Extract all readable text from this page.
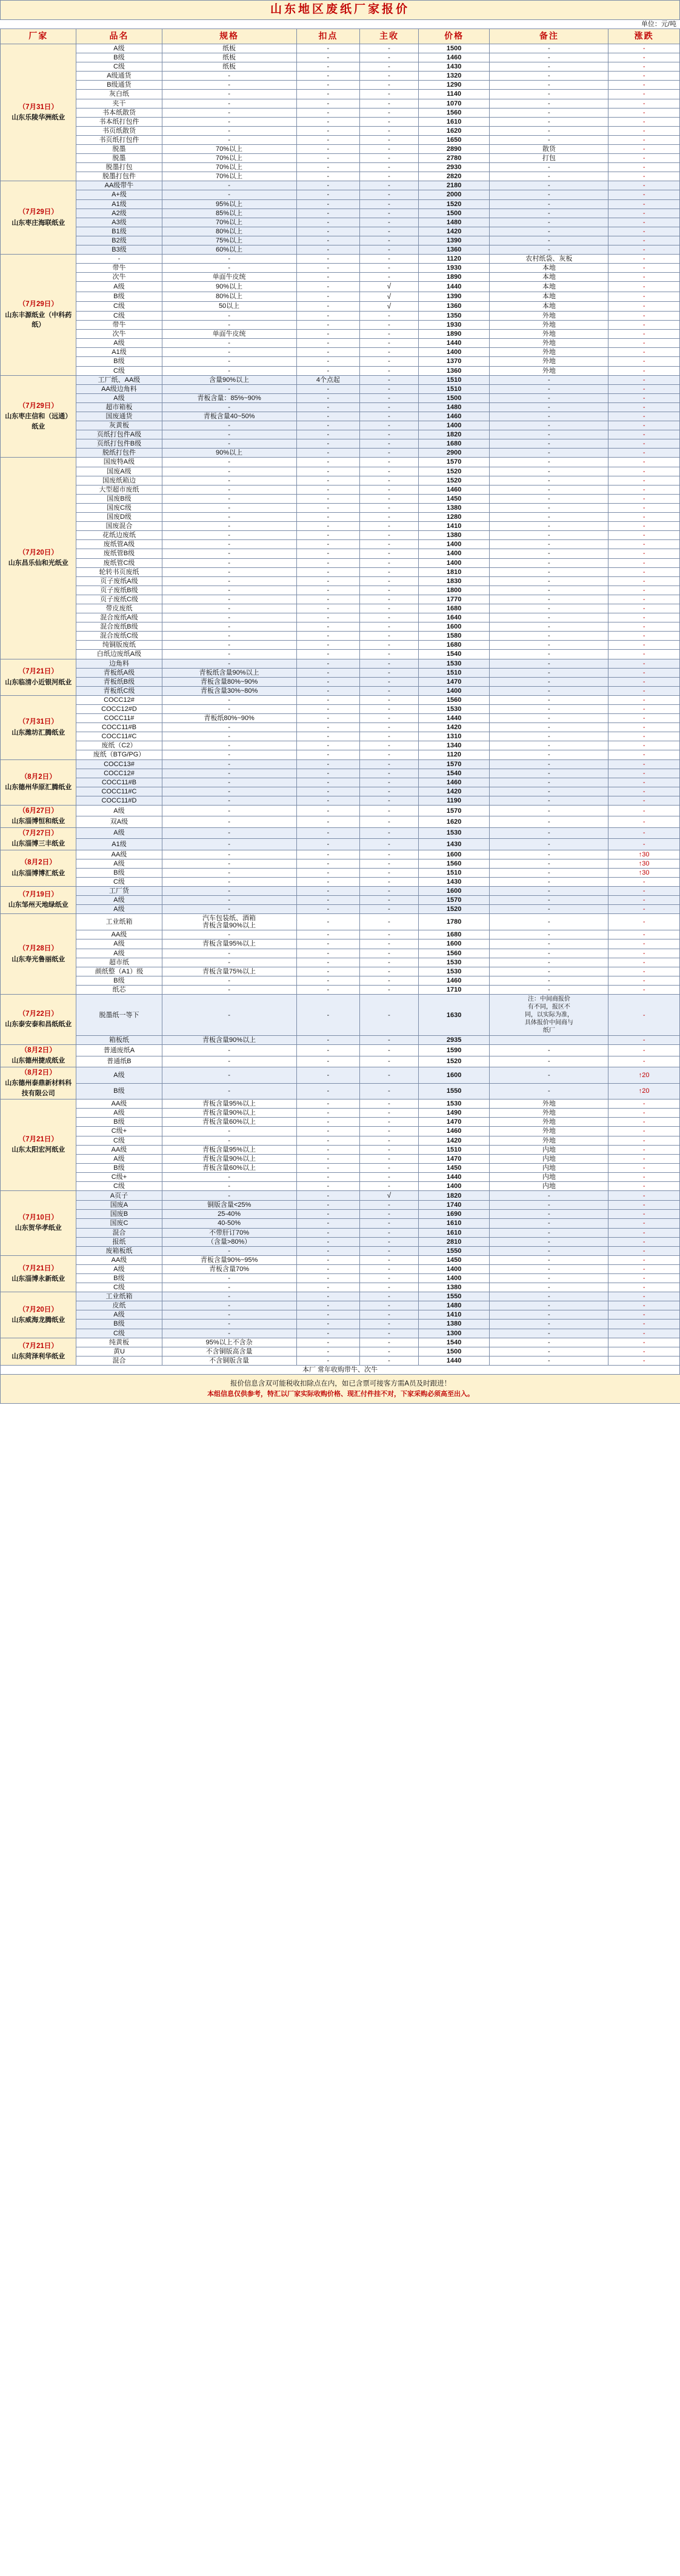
山东地区废纸厂家报价
单位：元/吨
厂家	品名	规格	扣点	主收	价格	备注	涨跌

（7月31日）
山东乐陵华洲纸业	A级	纸板	-	-	1500	-	-
	B级	纸板	-	-	1460	-	-
	C级	纸板	-	-	1430	-	-
	A级通货	-	-	-	1320	-	-
	B级通货	-	-	-	1290	-	-
	灰白纸	-	-	-	1140	-	-
	夹干	-	-	-	1070	-	-
	书本纸散货	-	-	-	1560	-	-
	书本纸打包件	-	-	-	1610	-	-
	书页纸散货	-	-	-	1620	-	-
	书页纸打包件	-	-	-	1650	-	-
	脱墨	70%以上	-	-	2890	散货	-
	脱墨	70%以上	-	-	2780	打包	-
	脱墨打包	70%以上	-	-	2930	-	-
	脱墨打包件	70%以上	-	-	2820	-	-

（7月29日）
山东枣庄海联纸业	AA级带牛	-	-	-	2180	-	-
	A+级	-	-	-	2000	-	-
	A1级	95%以上	-	-	1520	-	-
	A2级	85%以上	-	-	1500	-	-
	A3级	70%以上	-	-	1480	-	-
	B1级	80%以上	-	-	1420	-	-
	B2级	75%以上	-	-	1390	-	-
	B3级	60%以上	-	-	1360	-	-

（7月29日）
山东丰源纸业（中科药纸）	-	-	-	-	1120	农村纸袋、灰板	-
	带牛	-	-	-	1930	本地	-
	次牛	单面牛皮统	-	-	1890	本地	-
	A级	90%以上	-	√	1440	本地	-
	B级	80%以上	-	√	1390	本地	-
	C级	50以上	-	√	1360	本地	-
	C级	-	-	-	1350	外地	-
	带牛	-	-	-	1930	外地	-
	次牛	单面牛皮统	-	-	1890	外地	-
	A级	-	-	-	1440	外地	-
	A1级	-	-	-	1400	外地	-
	B级	-	-	-	1370	外地	-
	C级	-	-	-	1360	外地	-

（7月29日）
山东枣庄信和（远通）纸业	工厂纸、AA级	含量90%以上	4个点起	-	1510	-	-
	AA级边角料	-	-	-	1510	-	-
	A级	青板含量：85%~90%	-	-	1500	-	-
	超市箱板	-	-	-	1480	-	-
	国废通货	青板含量40~50%	-	-	1460	-	-
	灰黄板	-	-	-	1400	-	-
	页纸打包件A级	-	-	-	1820	-	-
	页纸打包件B级	-	-	-	1680	-	-
	脱纸打包件	90%以上	-	-	2900	-	-

（7月20日）
山东昌乐仙和光纸业	国废特A级	-	-	-	1570	-	-
	国废A级	-	-	-	1520	-	-
	国废纸箱边	-	-	-	1520	-	-
	大型超市废纸	-	-	-	1460	-	-
	国废B级	-	-	-	1450	-	-
	国废C级	-	-	-	1380	-	-
	国废D级	-	-	-	1280	-	-
	国废混合	-	-	-	1410	-	-
	花纸边废纸	-	-	-	1380	-	-
	废纸管A级	-	-	-	1400	-	-
	废纸管B级	-	-	-	1400	-	-
	废纸管C级	-	-	-	1400	-	-
	轮转书页废纸	-	-	-	1810	-	-
	页子废纸A级	-	-	-	1830	-	-
	页子废纸B级	-	-	-	1800	-	-
	页子废纸C级	-	-	-	1770	-	-
	带皮废纸	-	-	-	1680	-	-
	混合废纸A级	-	-	-	1640	-	-
	混合废纸B级	-	-	-	1600	-	-
	混合废纸C级	-	-	-	1580	-	-
	纯铜版废纸	-	-	-	1680	-	-
	白纸边废纸A级	-	-	-	1540	-	-

（7月21日）
山东临清小近银河纸业	边角料	-	-	-	1530	-	-
	青板纸A级	青板纸含量90%以上	-	-	1510	-	-
	青板纸B级	青板含量80%~90%	-	-	1470	-	-
	青板纸C级	青板含量30%~80%	-	-	1400	-	-

（7月31日）
山东潍坊汇腾纸业	COCC12#	-	-	-	1560	-	-
	COCC12#D	-	-	-	1530	-	-
	COCC11#	青板纸80%~90%	-	-	1440	-	-
	COCC11#B	-	-	-	1420	-	-
	COCC11#C	-	-	-	1310	-	-
	废纸（C2）	-	-	-	1340	-	-
	废纸（BTG/PG）	-	-	-	1120	-	-

（8月2日）
山东德州华原汇腾纸业	COCC13#	-	-	-	1570	-	-
	COCC12#	-	-	-	1540	-	-
	COCC11#B	-	-	-	1460	-	-
	COCC11#C	-	-	-	1420	-	-
	COCC11#D	-	-	-	1190	-	-

（6月27日）
山东淄博恒和纸业	A级	-	-	-	1570	-	-
	双A级	-	-	-	1620	-	-

（7月27日）
山东淄博三丰纸业	A级	-	-	-	1530	-	-
	A1级	-	-	-	1430	-	-

（8月2日）
山东淄博博汇纸业	AA级	-	-	-	1600	-	↑30
	A级	-	-	-	1560	-	↑30
	B级	-	-	-	1510	-	↑30
	C级	-	-	-	1430	-	-

（7月19日）
山东邹州天地绿纸业	工厂货	-	-	-	1600	-	-
	A级	-	-	-	1570	-	-
	A级	-	-	-	1520	-	-

（7月28日）
山东寿光鲁丽纸业	工业纸箱	汽车包装纸、酒箱
青板含量90%以上	-	-	1780	-	-
	AA级	-	-	-	1680	-	-
	A级	青板含量95%以上	-	-	1600	-	-
	A级	-	-	-	1560	-	-
	超市纸	-	-	-	1530	-	-
	颜纸整（A1）级	青板含量75%以上	-	-	1530	-	-
	B级	-	-	-	1460	-	-
	纸芯	-	-	-	1710	-	-

（7月22日）
山东泰安泰和昌纸纸业	脱墨纸一等下	-	-	-	1630	注：中间商报价
有不同，报区不
同，以实际为准，
具体报价中间商与
纸厂	-
	箱板纸	青板含量90%以上	-	-	2935		-

（8月2日）
山东德州捷成纸业	普通废纸A	-	-	-	1590	-	-
	普通纸B	-	-	-	1520	-	-

（8月2日）
山东德州泰鼎新材料科技有限公司	A级	-	-	-	1600	-	↑20
	B级	-	-	-	1550	-	↑20

（7月21日）
山东太阳宏河纸业	AA级	青板含量95%以上	-	-	1530	外地	-
	A级	青板含量90%以上	-	-	1490	外地	-
	B级	青板含量60%以上	-	-	1470	外地	-
	C级+	-	-	-	1460	外地	-
	C级	-	-	-	1420	外地	-
	AA级	青板含量95%以上	-	-	1510	内地	-
	A级	青板含量90%以上	-	-	1470	内地	-
	B级	青板含量60%以上	-	-	1450	内地	-
	C级+	-	-	-	1440	内地	-
	C级	-	-	-	1400	内地	-

（7月10日）
山东贺华孝纸业	A页子	-	-	√	1820	-	-
	国废A	铜版含量<25%	-	-	1740	-	-
	国废B	25-40%	-	-	1690	-	-
	国废C	40-50%	-	-	1610	-	-
	混合	不带肝订70%	-	-	1610	-	-
	报纸	（含量>80%）	-	-	2810	-	-
	废箱板纸	-	-	-	1550	-	-

（7月21日）
山东淄博永新纸业	AA级	青板含量90%~95%	-	-	1450	-	-
	A级	青板含量70%	-	-	1400	-	-
	B级	-	-	-	1400	-	-
	C级	-	-	-	1380	-	-

（7月20日）
山东威海龙腾纸业	工业纸箱	-	-	-	1550	-	-
	皮纸	-	-	-	1480	-	-
	A级	-	-	-	1410	-	-
	B级	-	-	-	1380	-	-
	C级	-	-	-	1300	-	-

（7月21日）
山东菏泽利华纸业	纯黄板	95%以上不含杂	-	-	1540	-	-
	黄U	不含铜版高含量	-	-	1500	-	-
	混合	不含铜版含量	-	-	1440	-	-
本厂 常年收购带牛、次牛							
报价信息含双可能税收扣除点在内，如已含票可接客方需A员及时跟进！
本组信息仅供参考，特汇以厂家实际收购价格、现汇付件挂不对，下家采购必须高至出入。
